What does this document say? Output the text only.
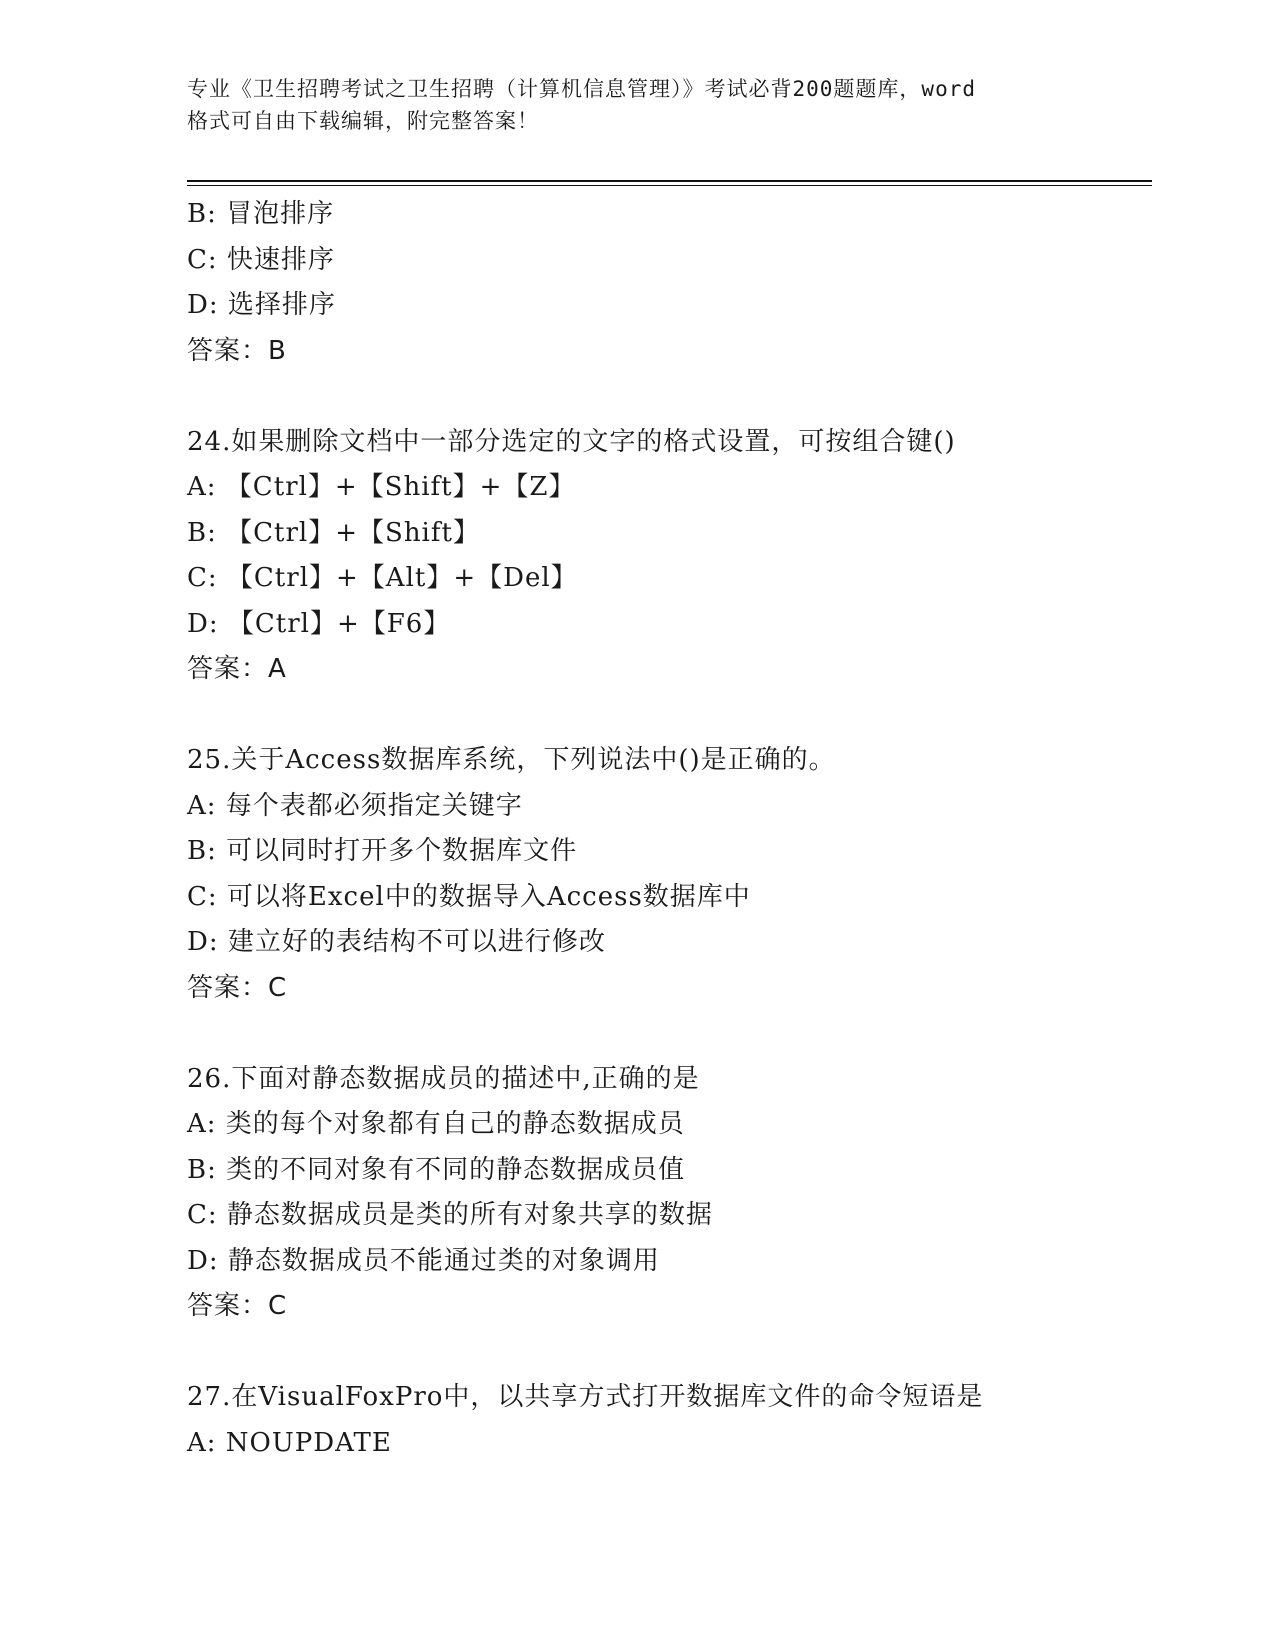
专业《卫生招聘考试之卫生招聘（计算机信息管理）》考试必背200题题库，word
格式可自由下载编辑，附完整答案！
B: 冒泡排序
C: 快速排序
D: 选择排序
答案：B
24.如果删除文档中一部分选定的文字的格式设置，可按组合键()
A: 【Ctrl】+【Shift】+【Z】
B: 【Ctrl】+【Shift】
C: 【Ctrl】+【Alt】+【Del】
D: 【Ctrl】+【F6】
答案：A
25.关于Access数据库系统，下列说法中()是正确的。
A: 每个表都必须指定关键字
B: 可以同时打开多个数据库文件
C: 可以将Excel中的数据导入Access数据库中
D: 建立好的表结构不可以进行修改
答案：C
26.下面对静态数据成员的描述中,正确的是
A: 类的每个对象都有自己的静态数据成员
B: 类的不同对象有不同的静态数据成员值
C: 静态数据成员是类的所有对象共享的数据
D: 静态数据成员不能通过类的对象调用
答案：C
27.在VisualFoxPro中，以共享方式打开数据库文件的命令短语是
A: NOUPDATE
